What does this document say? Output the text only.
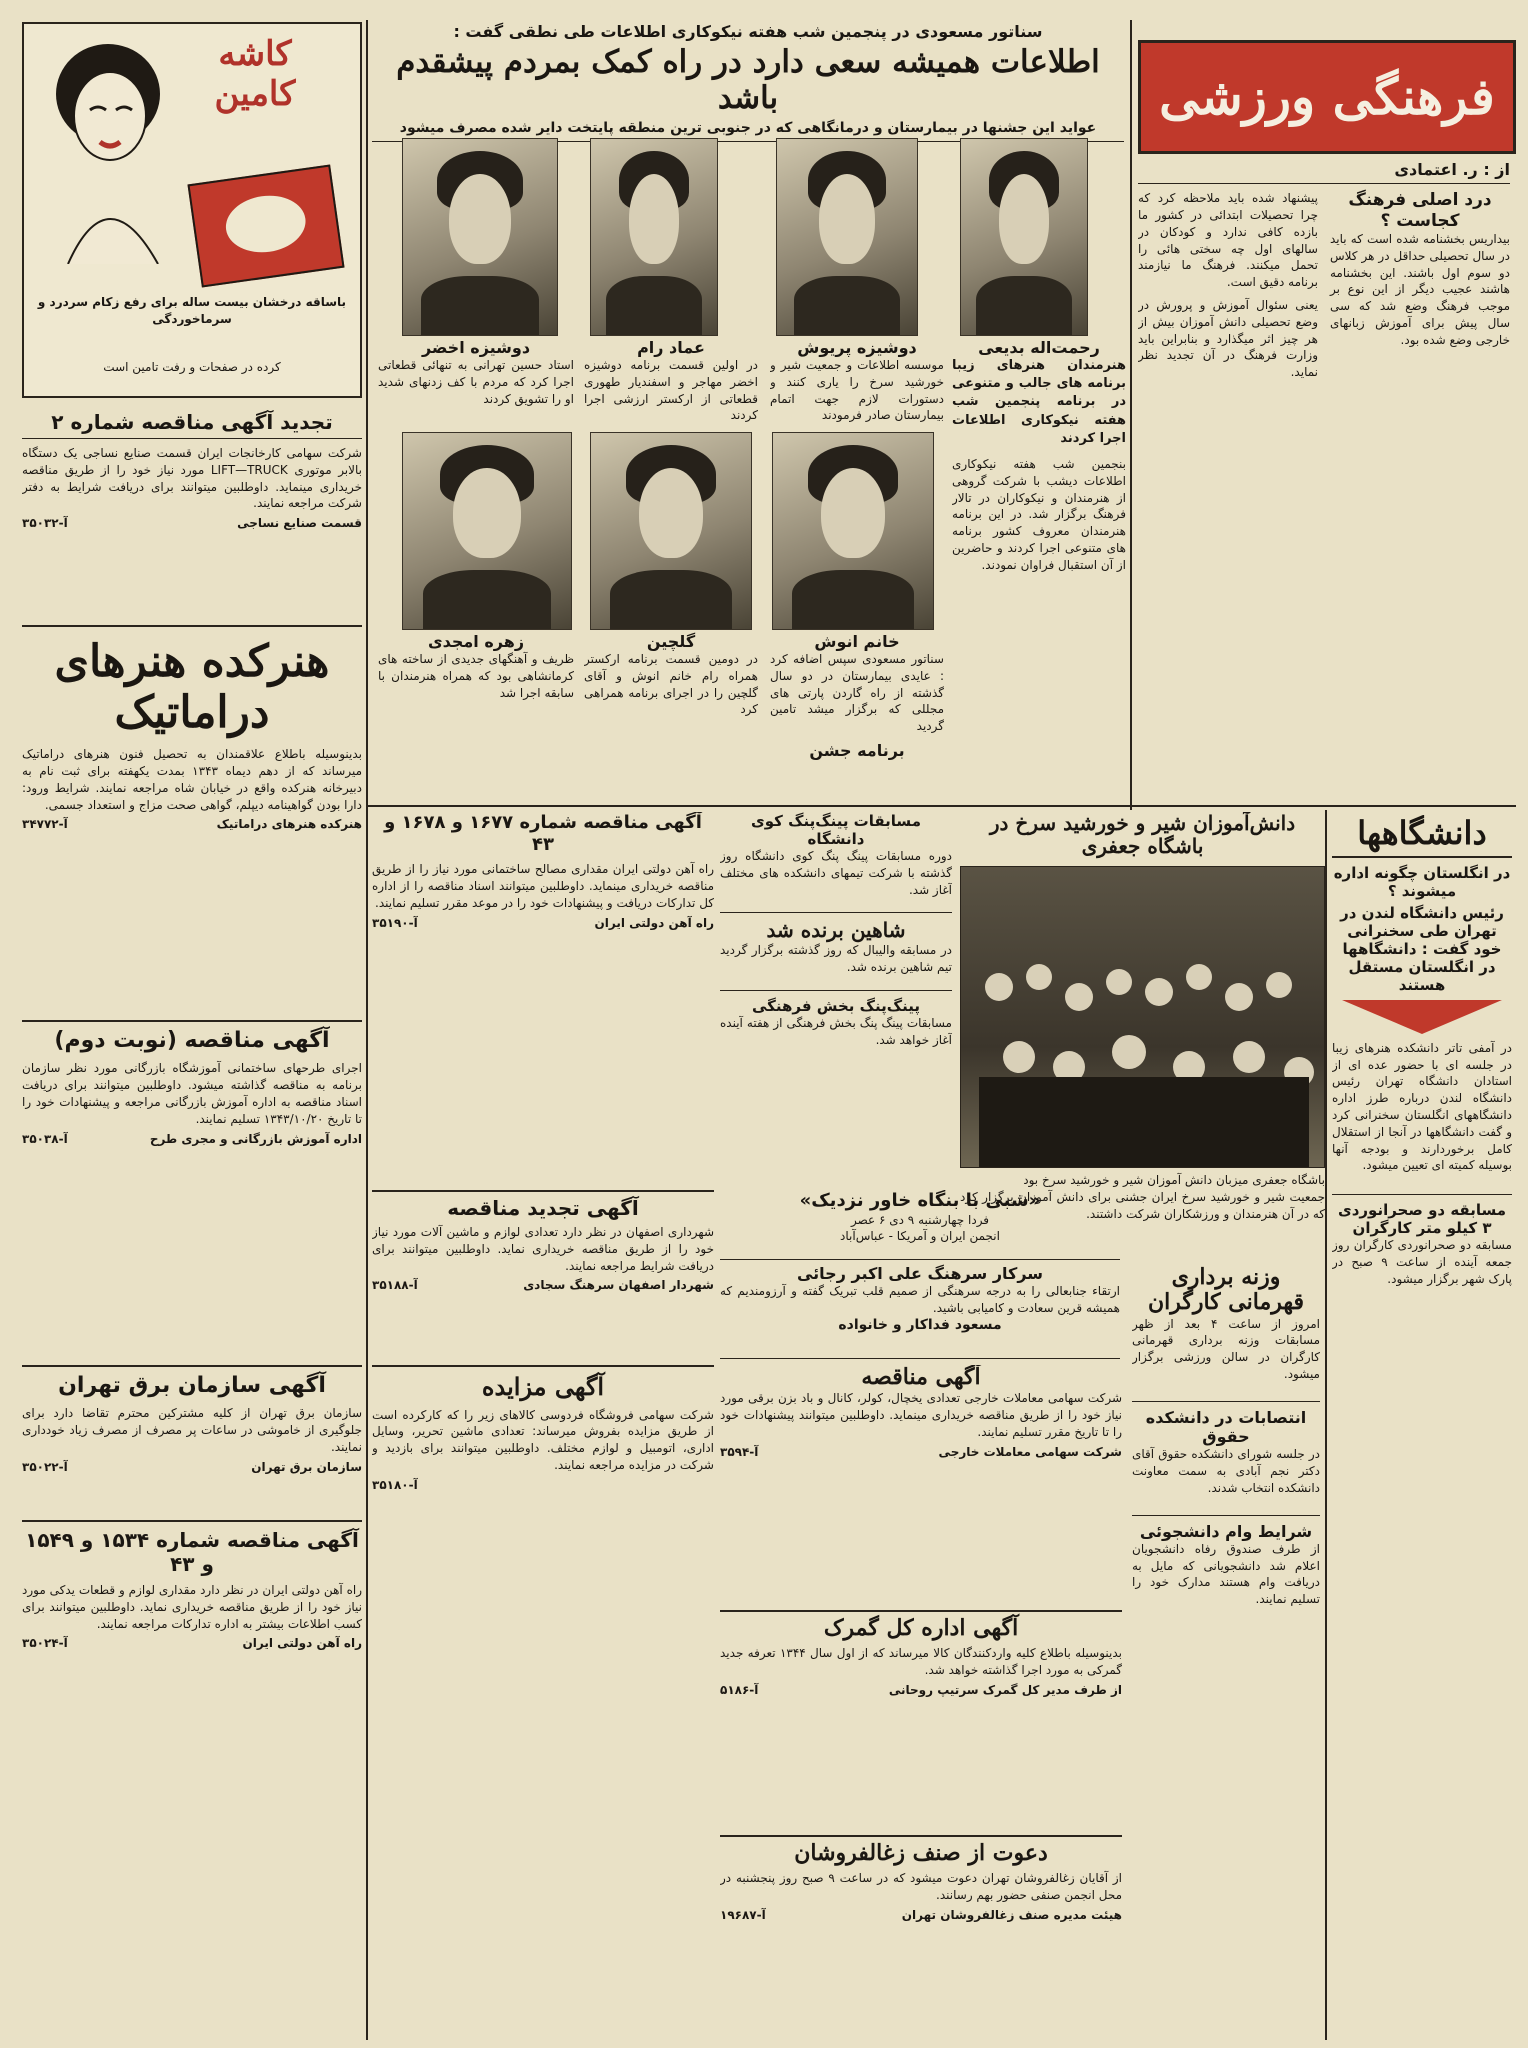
کاشه کامین
باساقه درخشان بیست ساله برای رفع زکام سردرد و سرماخوردگی
کرده در صفحات و رفت تامین است
تجدید آگهی مناقصه شماره ۲
شرکت سهامی کارخانجات ایران قسمت صنایع نساجی یک دستگاه بالابر موتوری LIFT—TRUCK مورد نیاز خود را از طریق مناقصه خریداری مینماید. داوطلبین میتوانند برای دریافت شرایط به دفتر شرکت مراجعه نمایند.
قسمت صنایع نساجی
آ-۳۵۰۳۲
هنرکده هنرهای دراماتیک
بدینوسیله باطلاع علاقمندان به تحصیل فنون هنرهای دراماتیک میرساند که از دهم دیماه ۱۳۴۳ بمدت یکهفته برای ثبت نام به دبیرخانه هنرکده واقع در خیابان شاه مراجعه نمایند. شرایط ورود: دارا بودن گواهینامه دیپلم، گواهی صحت مزاج و استعداد جسمی.
هنرکده هنرهای دراماتیک
آ-۳۴۷۷۲
آگهی مناقصه (نوبت دوم)
اجرای طرحهای ساختمانی آموزشگاه بازرگانی مورد نظر سازمان برنامه به مناقصه گذاشته میشود. داوطلبین میتوانند برای دریافت اسناد مناقصه به اداره آموزش بازرگانی مراجعه و پیشنهادات خود را تا تاریخ ۱۳۴۳/۱۰/۲۰ تسلیم نمایند.
اداره آموزش بازرگانی و مجری طرح
آ-۳۵۰۳۸
آگهی سازمان برق تهران
سازمان برق تهران از کلیه مشترکین محترم تقاضا دارد برای جلوگیری از خاموشی در ساعات پر مصرف از مصرف زیاد خودداری نمایند.
سازمان برق تهران
آ-۳۵۰۲۲
آگهی مناقصه شماره ۱۵۳۴ و ۱۵۴۹ و ۴۳
راه آهن دولتی ایران در نظر دارد مقداری لوازم و قطعات یدکی مورد نیاز خود را از طریق مناقصه خریداری نماید. داوطلبین میتوانند برای کسب اطلاعات بیشتر به اداره تدارکات مراجعه نمایند.
راه آهن دولتی ایران
آ-۳۵۰۲۴
سناتور مسعودی در پنجمین شب هفته نیکوکاری اطلاعات طی نطقی گفت :
اطلاعات همیشه سعی دارد در راه کمک بمردم پیشقدم باشد
عواید این جشنها در بیمارستان و درمانگاهی که در جنوبی ترین منطقه پایتخت دایر شده مصرف میشود
رحمت‌اله بدیعی
هنرمندان هنرهای زیبا برنامه های جالب و متنوعی در برنامه پنجمین شب هفته نیکوکاری اطلاعات اجرا کردند
دوشیزه پریوش
موسسه اطلاعات و جمعیت شیر و خورشید سرخ را یاری کنند و دستورات لازم جهت اتمام بیمارستان صادر فرمودند
عماد رام
در اولین قسمت برنامه دوشیزه اخضر مهاجر و اسفندیار طهوری قطعاتی از ارکستر ارزشی اجرا کردند
دوشیزه اخضر
استاد حسین تهرانی به تنهائی قطعاتی اجرا کرد که مردم با کف زدنهای شدید او را تشویق کردند
بنجمین شب هفته نیکوکاری اطلاعات دیشب با شرکت گروهی از هنرمندان و نیکوکاران در تالار فرهنگ برگزار شد. در این برنامه هنرمندان معروف کشور برنامه های متنوعی اجرا کردند و حاضرین از آن استقبال فراوان نمودند.
خانم انوش
سناتور مسعودی سپس اضافه کرد : عایدی بیمارستان در دو سال گذشته از راه گاردن پارتی های مجللی که برگزار میشد تامین گردید
برنامه جشن
گلچین
در دومین قسمت برنامه ارکستر همراه رام خانم انوش و آقای گلچین را در اجرای برنامه همراهی کرد
زهره امجدی
ظریف و آهنگهای جدیدی از ساخته های کرمانشاهی بود که همراه هنرمندان با سابقه اجرا شد
فرهنگی ورزشی
از : ر. اعتمادی
درد اصلی فرهنگ کجاست ؟
بیداریس بخشنامه شده است که باید در سال تحصیلی حداقل در هر کلاس دو سوم اول باشند. این بخشنامه هاشند عجیب دیگر از این نوع بر موجب فرهنگ وضع شد که سی سال پیش برای آموزش زبانهای خارجی وضع شده بود.
پیشنهاد شده باید ملاحظه کرد که چرا تحصیلات ابتدائی در کشور ما بازده کافی ندارد و کودکان در سالهای اول چه سختی هائی را تحمل میکنند. فرهنگ ما نیازمند برنامه دقیق است.
یعنی سئوال آموزش و پرورش در وضع تحصیلی دانش آموزان بیش از هر چیز اثر میگذارد و بنابراین باید وزارت فرهنگ در آن تجدید نظر نماید.
دانشگاهها
در انگلستان چگونه اداره میشوند ؟
رئیس دانشگاه لندن در تهران طی سخنرانی خود گفت : دانشگاهها در انگلستان مستقل هستند
در آمفی تاتر دانشکده هنرهای زیبا در جلسه ای با حضور عده ای از استادان دانشگاه تهران رئیس دانشگاه لندن درباره طرز اداره دانشگاههای انگلستان سخنرانی کرد و گفت دانشگاهها در آنجا از استقلال کامل برخوردارند و بودجه آنها بوسیله کمیته ای تعیین میشود.
مسابقه دو صحرانوردی ۳ کیلو متر کارگران
مسابقه دو صحرانوردی کارگران روز جمعه آینده از ساعت ۹ صبح در پارک شهر برگزار میشود.
وزنه برداری قهرمانی کارگران
امروز از ساعت ۴ بعد از ظهر مسابقات وزنه برداری قهرمانی کارگران در سالن ورزشی برگزار میشود.
انتصابات در دانشکده حقوق
در جلسه شورای دانشکده حقوق آقای دکتر نجم آبادی به سمت معاونت دانشکده انتخاب شدند.
شرایط وام دانشجوئی
از طرف صندوق رفاه دانشجویان اعلام شد دانشجویانی که مایل به دریافت وام هستند مدارک خود را تسلیم نمایند.
دانش‌آموزان شیر و خورشید سرخ در باشگاه جعفری
باشگاه جعفری میزبان دانش آموزان شیر و خورشید سرخ بود
جمعیت شیر و خورشید سرخ ایران جشنی برای دانش آموزان برگزار کرد که در آن هنرمندان و ورزشکاران شرکت داشتند.
«شبی با بنگاه خاور نزدیک»
فردا چهارشنبه ۹ دی ۶ عصر
انجمن ایران و آمریکا - عباس‌آباد
سرکار سرهنگ علی اکبر رجائی
ارتقاء جنابعالی را به درجه سرهنگی از صمیم قلب تبریک گفته و آرزومندیم که همیشه قرین سعادت و کامیابی باشید.
مسعود فداکار و خانواده
مسابقات پینگ‌پنگ کوی دانشگاه
دوره مسابقات پینگ پنگ کوی دانشگاه روز گذشته با شرکت تیمهای دانشکده های مختلف آغاز شد.
شاهین برنده شد
در مسابقه والیبال که روز گذشته برگزار گردید تیم شاهین برنده شد.
پینگ‌پنگ بخش فرهنگی
مسابقات پینگ پنگ بخش فرهنگی از هفته آینده آغاز خواهد شد.
آگهی مناقصه شماره ۱۶۷۷ و ۱۶۷۸ و ۴۳
راه آهن دولتی ایران مقداری مصالح ساختمانی مورد نیاز را از طریق مناقصه خریداری مینماید. داوطلبین میتوانند اسناد مناقصه را از اداره کل تدارکات دریافت و پیشنهادات خود را در موعد مقرر تسلیم نمایند.
راه آهن دولتی ایران
آ-۳۵۱۹۰
آگهی تجدید مناقصه
شهرداری اصفهان در نظر دارد تعدادی لوازم و ماشین آلات مورد نیاز خود را از طریق مناقصه خریداری نماید. داوطلبین میتوانند برای دریافت شرایط مراجعه نمایند.
شهردار اصفهان سرهنگ سجادی
آ-۳۵۱۸۸
آگهی مزایده
شرکت سهامی فروشگاه فردوسی کالاهای زیر را که کارکرده است از طریق مزایده بفروش میرساند: تعدادی ماشین تحریر، وسایل اداری، اتومبیل و لوازم مختلف. داوطلبین میتوانند برای بازدید و شرکت در مزایده مراجعه نمایند.
آ-۳۵۱۸۰
آگهی مناقصه
شرکت سهامی معاملات خارجی تعدادی یخچال، کولر، کانال و باد بزن برقی مورد نیاز خود را از طریق مناقصه خریداری مینماید. داوطلبین میتوانند پیشنهادات خود را تا تاریخ مقرر تسلیم نمایند.
شرکت سهامی معاملات خارجی
آ-۳۵۹۴
آگهی اداره کل گمرک
بدینوسیله باطلاع کلیه واردکنندگان کالا میرساند که از اول سال ۱۳۴۴ تعرفه جدید گمرکی به مورد اجرا گذاشته خواهد شد.
از طرف مدیر کل گمرک سرتیپ روحانی
آ-۵۱۸۶
دعوت از صنف زغالفروشان
از آقایان زغالفروشان تهران دعوت میشود که در ساعت ۹ صبح روز پنجشنبه در محل انجمن صنفی حضور بهم رسانند.
هیئت مدیره صنف زغالفروشان تهران
آ-۱۹۶۸۷
